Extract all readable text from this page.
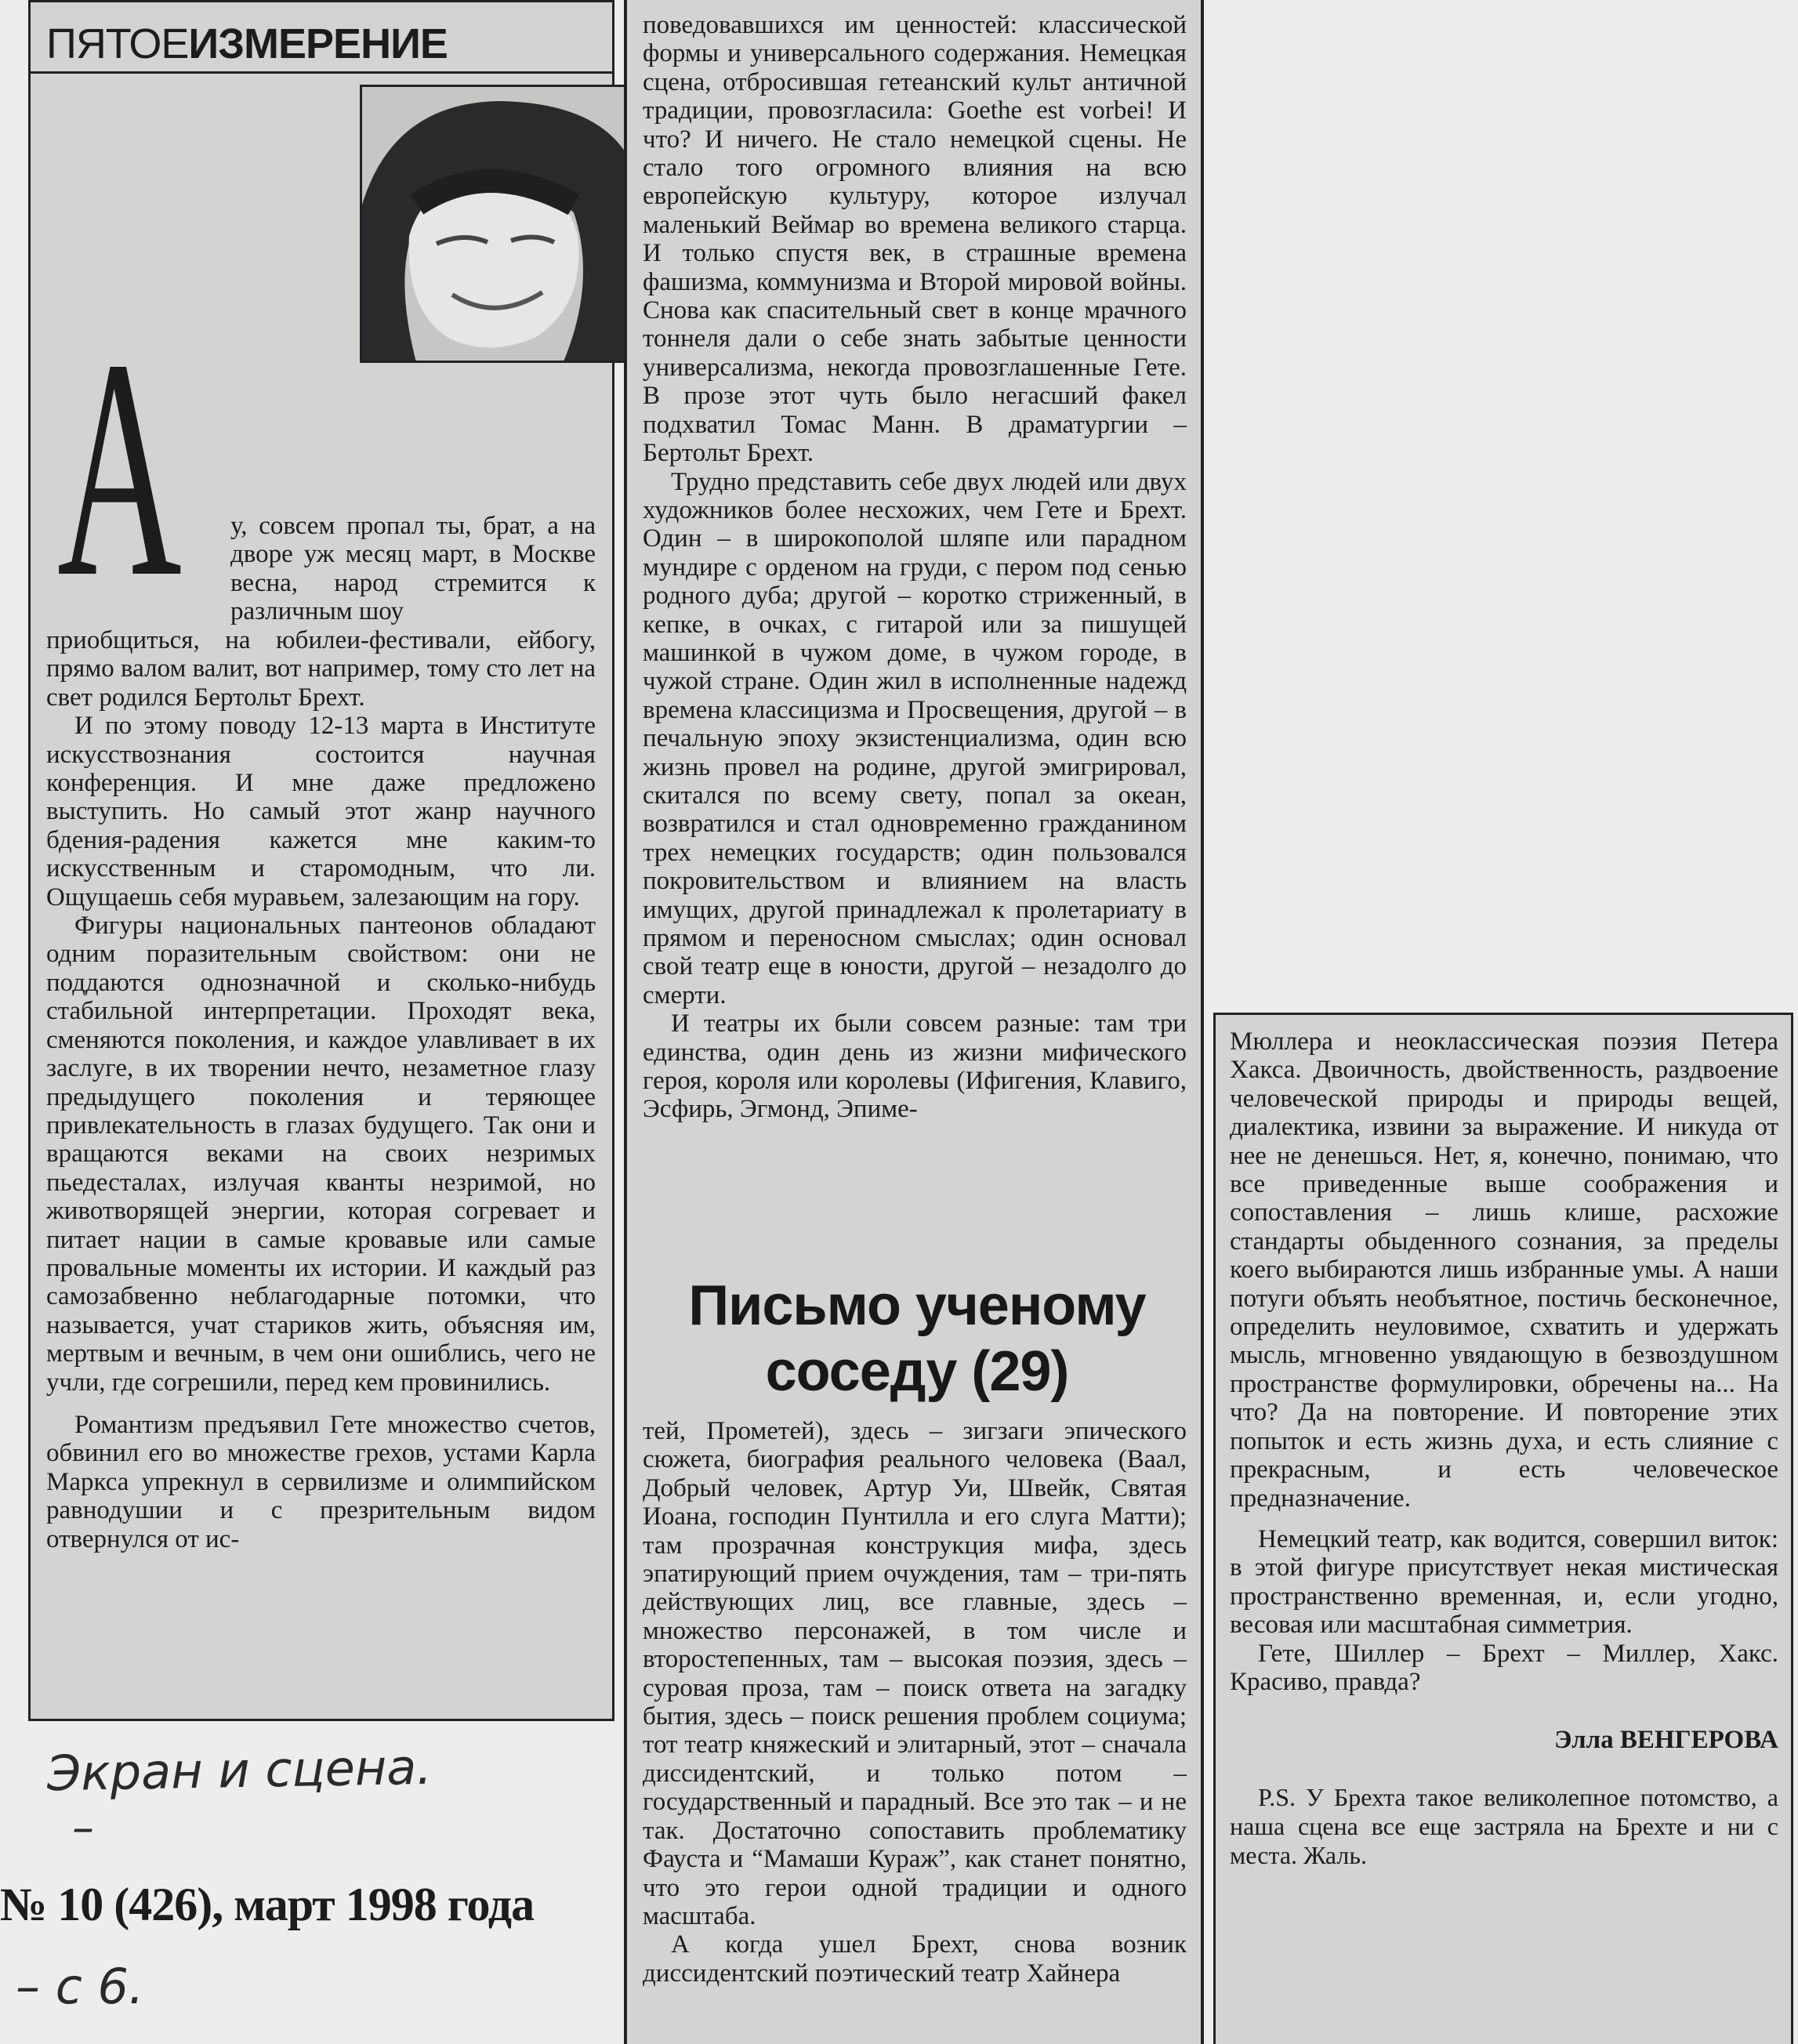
ПЯТОЕИЗМЕРЕНИЕ
А у, совсем пропал ты, брат, а на дворе уж месяц март, в Москве весна, народ стремится к различным шоу

приобщиться, на юбилеи-фестивали, ейбогу, прямо валом валит, вот например, тому сто лет на свет родился Бертольт Брехт.

И по этому поводу 12-13 марта в Институте искусствознания состоится научная конференция. И мне даже предложено выступить. Но самый этот жанр научного бдения-радения кажется мне каким-то искусственным и старомодным, что ли. Ощущаешь себя муравьем, залезающим на гору.

Фигуры национальных пантеонов обладают одним поразительным свойством: они не поддаются однозначной и сколько-нибудь стабильной интерпретации. Проходят века, сменяются поколения, и каждое улавливает в их заслуге, в их творении нечто, незаметное глазу предыдущего поколения и теряющее привлекательность в глазах будущего. Так они и вращаются веками на своих незримых пьедесталах, излучая кванты незримой, но животворящей энергии, которая согревает и питает нации в самые кровавые или самые провальные моменты их истории. И каждый раз самозабвенно неблагодарные потомки, что называется, учат стариков жить, объясняя им, мертвым и вечным, в чем они ошиблись, чего не учли, где согрешили, перед кем провинились.

Романтизм предъявил Гете множество счетов, обвинил его во множестве грехов, устами Карла Маркса упрекнул в сервилизме и олимпийском равнодушии и с презрительным видом отвернулся от ис-

поведовавшихся им ценностей: классической формы и универсального содержания. Немецкая сцена, отбросившая гетеанский культ античной традиции, провозгласила: Goethe est vorbei! И что? И ничего. Не стало немецкой сцены. Не стало того огромного влияния на всю европейскую культуру, которое излучал маленький Веймар во времена великого старца. И только спустя век, в страшные времена фашизма, коммунизма и Второй мировой войны. Снова как спасительный свет в конце мрачного тоннеля дали о себе знать забытые ценности универсализма, некогда провозглашенные Гете. В прозе этот чуть было негасший факел подхватил Томас Манн. В драматургии – Бертольт Брехт.

Трудно представить себе двух людей или двух художников более несхожих, чем Гете и Брехт. Один – в широкополой шляпе или парадном мундире с орденом на груди, с пером под сенью родного дуба; другой – коротко стриженный, в кепке, в очках, с гитарой или за пишущей машинкой в чужом доме, в чужом городе, в чужой стране. Один жил в исполненные надежд времена классицизма и Просвещения, другой – в печальную эпоху экзистенциализма, один всю жизнь провел на родине, другой эмигрировал, скитался по всему свету, попал за океан, возвратился и стал одновременно гражданином трех немецких государств; один пользовался покровительством и влиянием на власть имущих, другой принадлежал к пролетариату в прямом и переносном смыслах; один основал свой театр еще в юности, другой – незадолго до смерти.

И театры их были совсем разные: там три единства, один день из жизни мифического героя, короля или королевы (Ифигения, Клавиго, Эсфирь, Эгмонд, Эпиме-

тей, Прометей), здесь – зигзаги эпического сюжета, биография реального человека (Ваал, Добрый человек, Артур Уи, Швейк, Святая Иоана, господин Пунтилла и его слуга Матти); там прозрачная конструкция мифа, здесь эпатирующий прием очуждения, там – три-пять действующих лиц, все главные, здесь – множество персонажей, в том числе и второстепенных, там – высокая поэзия, здесь – суровая проза, там – поиск ответа на загадку бытия, здесь – поиск решения проблем социума; тот театр княжеский и элитарный, этот – сначала диссидентский, и только потом – государственный и парадный. Все это так – и не так. Достаточно сопоставить проблематику Фауста и “Мамаши Кураж”, как станет понятно, что это герои одной традиции и одного масштаба.

А когда ушел Брехт, снова возник диссидентский поэтический театр Хайнера

Письмо ученому соседу (29)

Мюллера и неоклассическая поэзия Петера Хакса. Двоичность, двойственность, раздвоение человеческой природы и природы вещей, диалектика, извини за выражение. И никуда от нее не денешься. Нет, я, конечно, понимаю, что все приведенные выше соображения и сопоставления – лишь клише, расхожие стандарты обыденного сознания, за пределы коего выбираются лишь избранные умы. А наши потуги объять необъятное, постичь бесконечное, определить неуловимое, схватить и удержать мысль, мгновенно увядающую в безвоздушном пространстве формулировки, обречены на... На что? Да на повторение. И повторение этих попыток и есть жизнь духа, и есть слияние с прекрасным, и есть человеческое предназначение.

Немецкий театр, как водится, совершил виток: в этой фигуре присутствует некая мистическая пространственно временная, и, если угодно, весовая или масштабная симметрия.

Гете, Шиллер – Брехт – Миллер, Хакс. Красиво, правда?

Элла ВЕНГЕРОВА

P.S. У Брехта такое великолепное потомство, а наша сцена все еще застряла на Брехте и ни с места. Жаль.

Экран и сцена.
–
№ 10 (426), март 1998 года
– с 6.
